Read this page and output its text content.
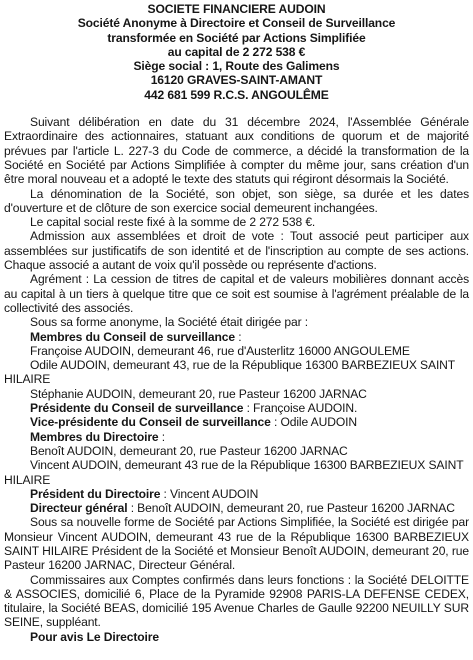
SOCIETE FINANCIERE AUDOIN
Société Anonyme à Directoire et Conseil de Surveillance
transformée en Société par Actions Simplifiée
au capital de 2 272 538 €
Siège social : 1, Route des Galimens
16120 GRAVES-SAINT-AMANT
442 681 599 R.C.S. ANGOULÊME

Suivant délibération en date du 31 décembre 2024, l'Assemblée Générale Extraordinaire des actionnaires, statuant aux conditions de quorum et de majorité prévues par l'article L. 227-3 du Code de commerce, a décidé la transformation de la Société en Société par Actions Simplifiée à compter du même jour, sans création d'un être moral nouveau et a adopté le texte des statuts qui régiront désormais la Société.

La dénomination de la Société, son objet, son siège, sa durée et les dates d'ouverture et de clôture de son exercice social demeurent inchangées.

Le capital social reste fixé à la somme de 2 272 538 €.

Admission aux assemblées et droit de vote : Tout associé peut participer aux assemblées sur justificatifs de son identité et de l'inscription au compte de ses actions. Chaque associé a autant de voix qu'il possède ou représente d'actions.

Agrément : La cession de titres de capital et de valeurs mobilières donnant accès au capital à un tiers à quelque titre que ce soit est soumise à l'agrément préalable de la collectivité des associés.

Sous sa forme anonyme, la Société était dirigée par :

Membres du Conseil de surveillance :

Françoise AUDOIN, demeurant 46, rue d'Austerlitz 16000 ANGOULEME

Odile AUDOIN, demeurant 43, rue de la République 16300 BARBEZIEUX SAINT HILAIRE

Stéphanie AUDOIN, demeurant 20, rue Pasteur 16200 JARNAC

Présidente du Conseil de surveillance : Françoise AUDOIN.

Vice-présidente du Conseil de surveillance : Odile AUDOIN

Membres du Directoire :

Benoît AUDOIN, demeurant 20, rue Pasteur 16200 JARNAC

Vincent AUDOIN, demeurant 43 rue de la République 16300 BARBEZIEUX SAINT HILAIRE

Président du Directoire : Vincent AUDOIN

Directeur général : Benoît AUDOIN, demeurant 20, rue Pasteur 16200 JARNAC

Sous sa nouvelle forme de Société par Actions Simplifiée, la Société est dirigée par Monsieur Vincent AUDOIN, demeurant 43 rue de la République 16300 BARBEZIEUX SAINT HILAIRE Président de la Société et Monsieur Benoît AUDOIN, demeurant 20, rue Pasteur 16200 JARNAC, Directeur Général.

Commissaires aux Comptes confirmés dans leurs fonctions : la Société DELOITTE & ASSOCIES, domicilié 6, Place de la Pyramide 92908 PARIS-LA DEFENSE CEDEX, titulaire, la Société BEAS, domicilié 195 Avenue Charles de Gaulle 92200 NEUILLY SUR SEINE, suppléant.

Pour avis Le Directoire
